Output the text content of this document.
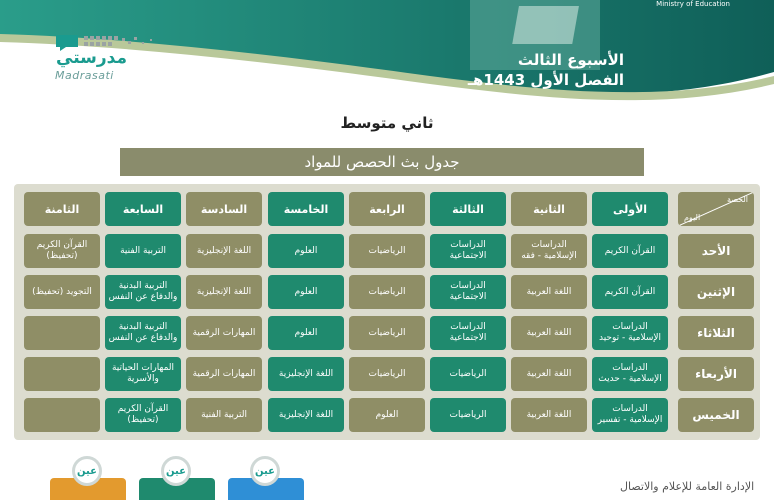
Ministry of Education
الأسبوع الثالث
الفصل الأول 1443هـ
مدرستي
Madrasati
ثاني متوسط
جدول بث الحصص للمواد
الحصة
اليوم
الأولى
الثانية
الثالثة
الرابعة
الخامسة
السادسة
السابعة
الثامنة
الأحد
الإثنين
الثلاثاء
الأربعاء
الخميس
القرآن الكريم
الدراسات الإسلامية - فقه
الدراسات الاجتماعية
الرياضيات
العلوم
اللغة الإنجليزية
التربية الفنية
القرآن الكريم (تحفيظ)
القرآن الكريم
اللغة العربية
الدراسات الاجتماعية
الرياضيات
العلوم
اللغة الإنجليزية
التربية البدنية والدفاع عن النفس
التجويد (تحفيظ)
الدراسات الإسلامية - توحيد
اللغة العربية
الدراسات الاجتماعية
الرياضيات
العلوم
المهارات الرقمية
التربية البدنية والدفاع عن النفس
الدراسات الإسلامية - حديث
اللغة العربية
الرياضيات
الرياضيات
اللغة الإنجليزية
المهارات الرقمية
المهارات الحياتية والأسرية
الدراسات الإسلامية - تفسير
اللغة العربية
الرياضيات
العلوم
اللغة الإنجليزية
التربية الفنية
القرآن الكريم (تحفيظ)
عين	عين	عين
الإدارة العامة للإعلام والاتصال
